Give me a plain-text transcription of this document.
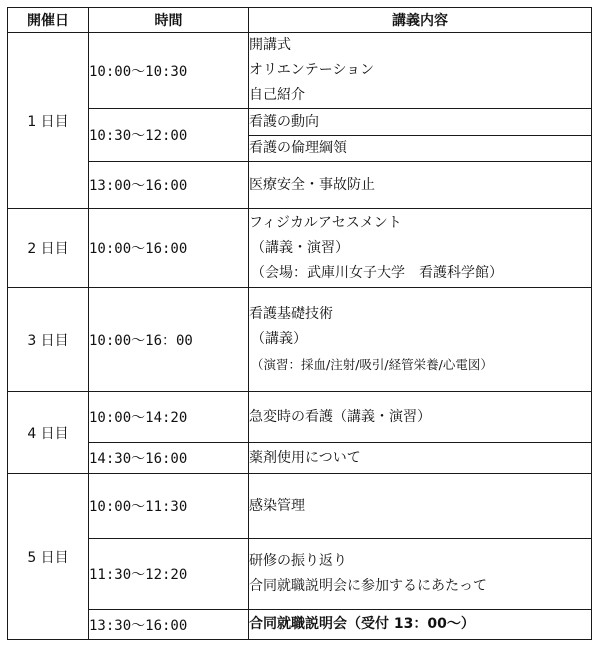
開催日	時間	講義内容
1 日目	10:00～10:30	開講式
オリエンテーション
自己紹介

	10:30～12:00	看護の動向

		看護の倫理綱領

	13:00～16:00	医療安全・事故防止

2 日目	10:00～16:00	フィジカルアセスメント
（講義・演習）
（会場：武庫川女子大学　看護科学館）

3 日目	10:00～16：00	看護基礎技術
（講義）
（演習：採血/注射/吸引/経管栄養/心電図）

4 日目	10:00～14:20	急変時の看護（講義・演習）

	14:30～16:00	薬剤使用について

5 日目	10:00～11:30	感染管理

	11:30～12:20	研修の振り返り
合同就職説明会に参加するにあたって

	13:30～16:00	合同就職説明会（受付 13：00～）
